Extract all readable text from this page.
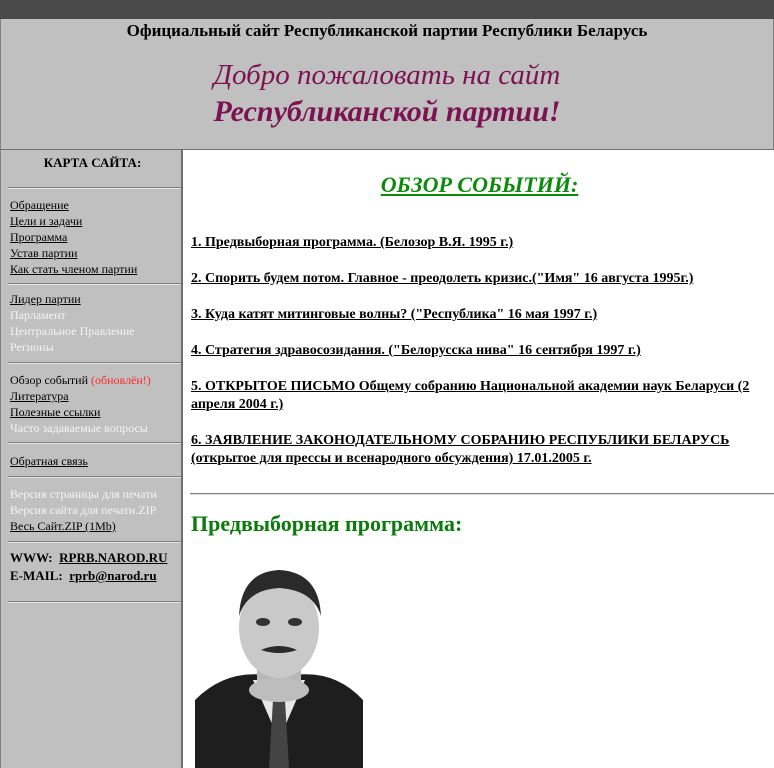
Официальный сайт Республиканской партии Республики Беларусь
Добро пожаловать на сайт
Республиканской партии!
КАРТА САЙТА:
Обращение
Цели и задачи
Программа
Устав партии
Как стать членом партии
Лидер партии
Парламент
Центральное Правление
Регионы
Обзор событий (обновлён!)
Литература
Полезные ссылки
Часто задаваемые вопросы
Обратная связь
Версия страницы для печати
Версия сайта для печати.ZIP
Весь Сайт.ZIP (1Mb)
WWW: RPRB.NAROD.RU
E-MAIL: rprb@narod.ru
ОБЗОР СОБЫТИЙ:
1. Предвыборная программа. (Белозор В.Я. 1995 г.)
2. Спорить будем потом. Главное - преодолеть кризис.("Имя" 16 августа 1995г.)
3. Куда катят митинговые волны? ("Республика" 16 мая 1997 г.)
4. Стратегия здравосозидания. ("Белорусска нива" 16 сентября 1997 г.)
5. ОТКРЫТОЕ ПИСЬМО Общему собранию Национальной академии наук Беларуси (2 апреля 2004 г.)
6. ЗАЯВЛЕНИЕ ЗАКОНОДАТЕЛЬНОМУ СОБРАНИЮ РЕСПУБЛИКИ БЕЛАРУСЬ (открытое для прессы и всенародного обсуждения) 17.01.2005 г.
Предвыборная программа:
